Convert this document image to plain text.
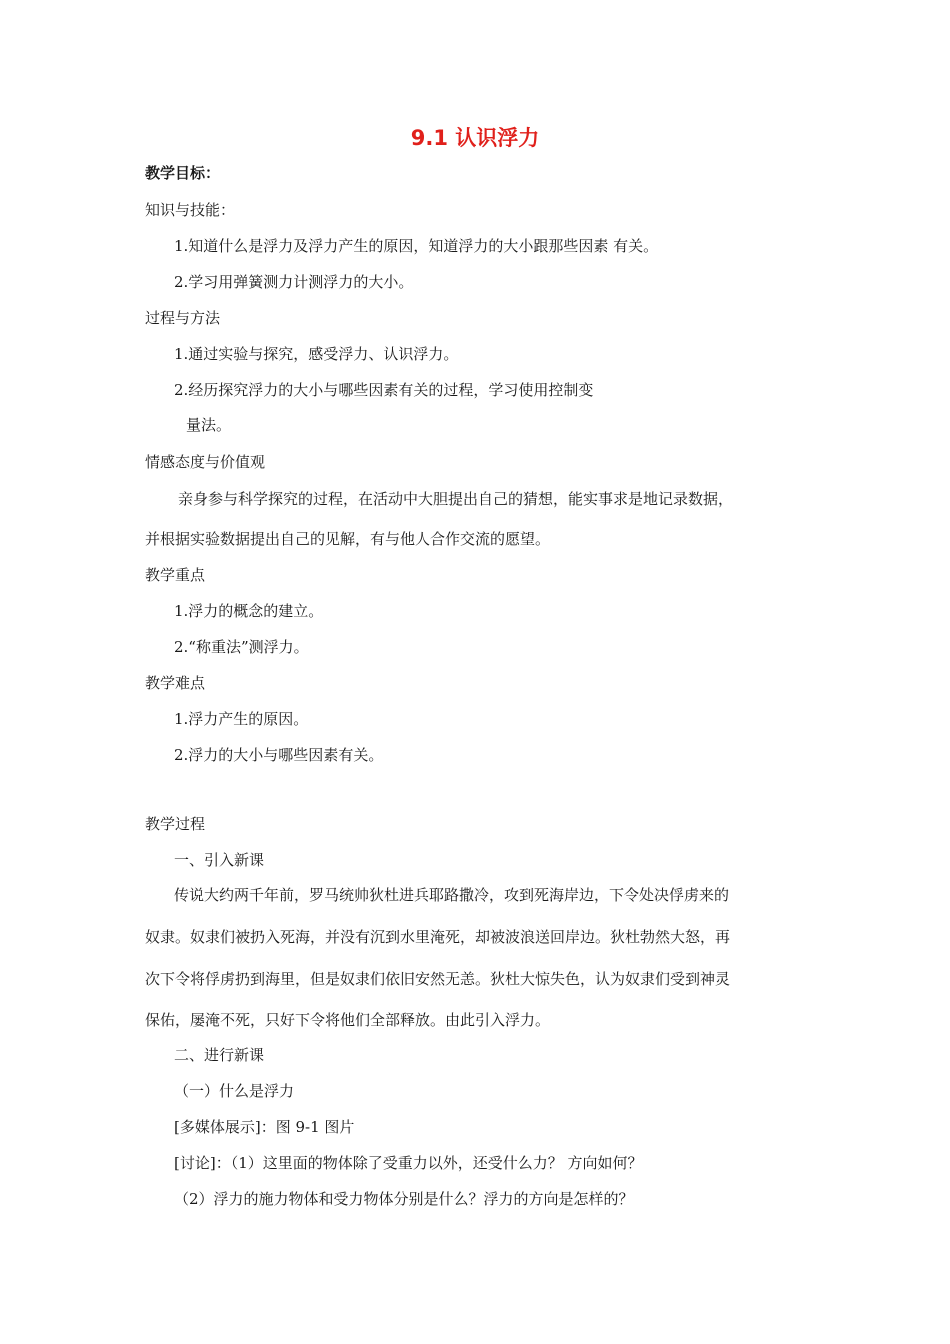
9.1 认识浮力
教学目标：
知识与技能：
1.知道什么是浮力及浮力产生的原因，知道浮力的大小跟那些因素 有关。
2.学习用弹簧测力计测浮力的大小。
过程与方法
1.通过实验与探究，感受浮力、认识浮力。
2.经历探究浮力的大小与哪些因素有关的过程，学习使用控制变
量法。
情感态度与价值观
亲身参与科学探究的过程，在活动中大胆提出自己的猜想，能实事求是地记录数据，
并根据实验数据提出自己的见解，有与他人合作交流的愿望。
教学重点
1.浮力的概念的建立。
2.“称重法”测浮力。
教学难点
1.浮力产生的原因。
2.浮力的大小与哪些因素有关。
教学过程
一、引入新课
传说大约两千年前，罗马统帅狄杜进兵耶路撒冷，攻到死海岸边，下令处决俘虏来的
奴隶。奴隶们被扔入死海，并没有沉到水里淹死，却被波浪送回岸边。狄杜勃然大怒，再
次下令将俘虏扔到海里，但是奴隶们依旧安然无恙。狄杜大惊失色，认为奴隶们受到神灵
保佑，屡淹不死，只好下令将他们全部释放。由此引入浮力。
二、进行新课
（一）什么是浮力
[多媒体展示]：图 9-1 图片
[讨论]：（1）这里面的物体除了受重力以外，还受什么力？ 方向如何？
（2）浮力的施力物体和受力物体分别是什么？浮力的方向是怎样的？
